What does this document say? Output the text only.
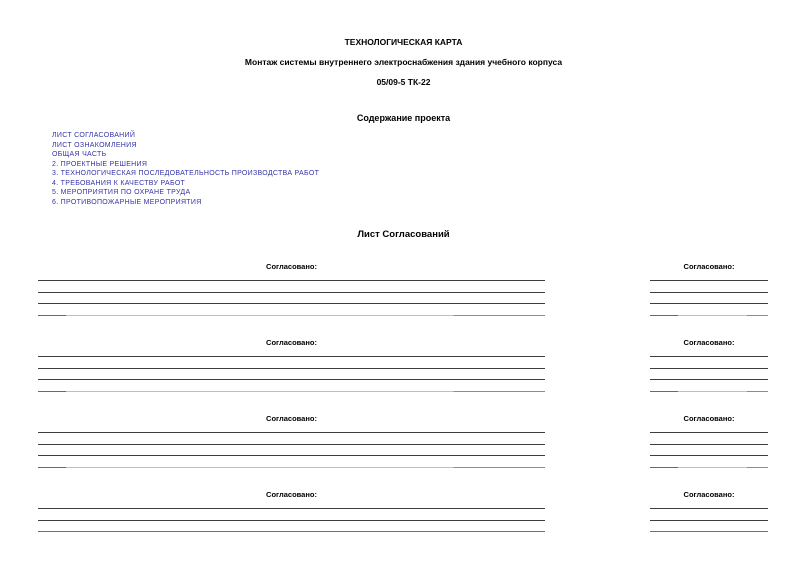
ТЕХНОЛОГИЧЕСКАЯ КАРТА
Монтаж системы внутреннего электроснабжения здания учебного корпуса
05/09-5 ТК-22
Содержание проекта
ЛИСТ СОГЛАСОВАНИЙ
ЛИСТ ОЗНАКОМЛЕНИЯ
ОБЩАЯ ЧАСТЬ
2. ПРОЕКТНЫЕ РЕШЕНИЯ
3. ТЕХНОЛОГИЧЕСКАЯ ПОСЛЕДОВАТЕЛЬНОСТЬ ПРОИЗВОДСТВА РАБОТ
4. ТРЕБОВАНИЯ К КАЧЕСТВУ РАБОТ
5. МЕРОПРИЯТИЯ ПО ОХРАНЕ ТРУДА
6. ПРОТИВОПОЖАРНЫЕ МЕРОПРИЯТИЯ
Лист Согласований
Согласовано:	Согласовано:
Согласовано:	Согласовано:
Согласовано:	Согласовано:
Согласовано:	Согласовано:
